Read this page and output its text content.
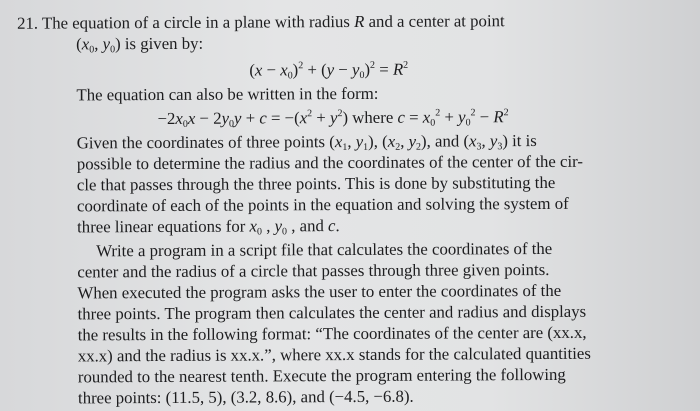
21. The equation of a circle in a plane with radius R and a center at point
($x_0$, $y_0$) is given by:
$(x - x_0)^2 + (y - y_0)^2 = R^2$
The equation can also be written in the form:
$-2x_0x - 2y_0y + c = -(x^2 + y^2)$ where $c = x_0^2 + y_0^2 - R^2$
Given the coordinates of three points ($x_1$, $y_1$), ($x_2$, $y_2$), and ($x_3$, $y_3$) it is
possible to determine the radius and the coordinates of the center of the cir-
cle that passes through the three points. This is done by substituting the
coordinate of each of the points in the equation and solving the system of
three linear equations for $x_0$ , $y_0$ , and c.
Write a program in a script file that calculates the coordinates of the
center and the radius of a circle that passes through three given points.
When executed the program asks the user to enter the coordinates of the
three points. The program then calculates the center and radius and displays
the results in the following format: “The coordinates of the center are (xx.x,
xx.x) and the radius is xx.x.”, where xx.x stands for the calculated quantities
rounded to the nearest tenth. Execute the program entering the following
three points: (11.5, 5), (3.2, 8.6), and (−4.5, −6.8).
